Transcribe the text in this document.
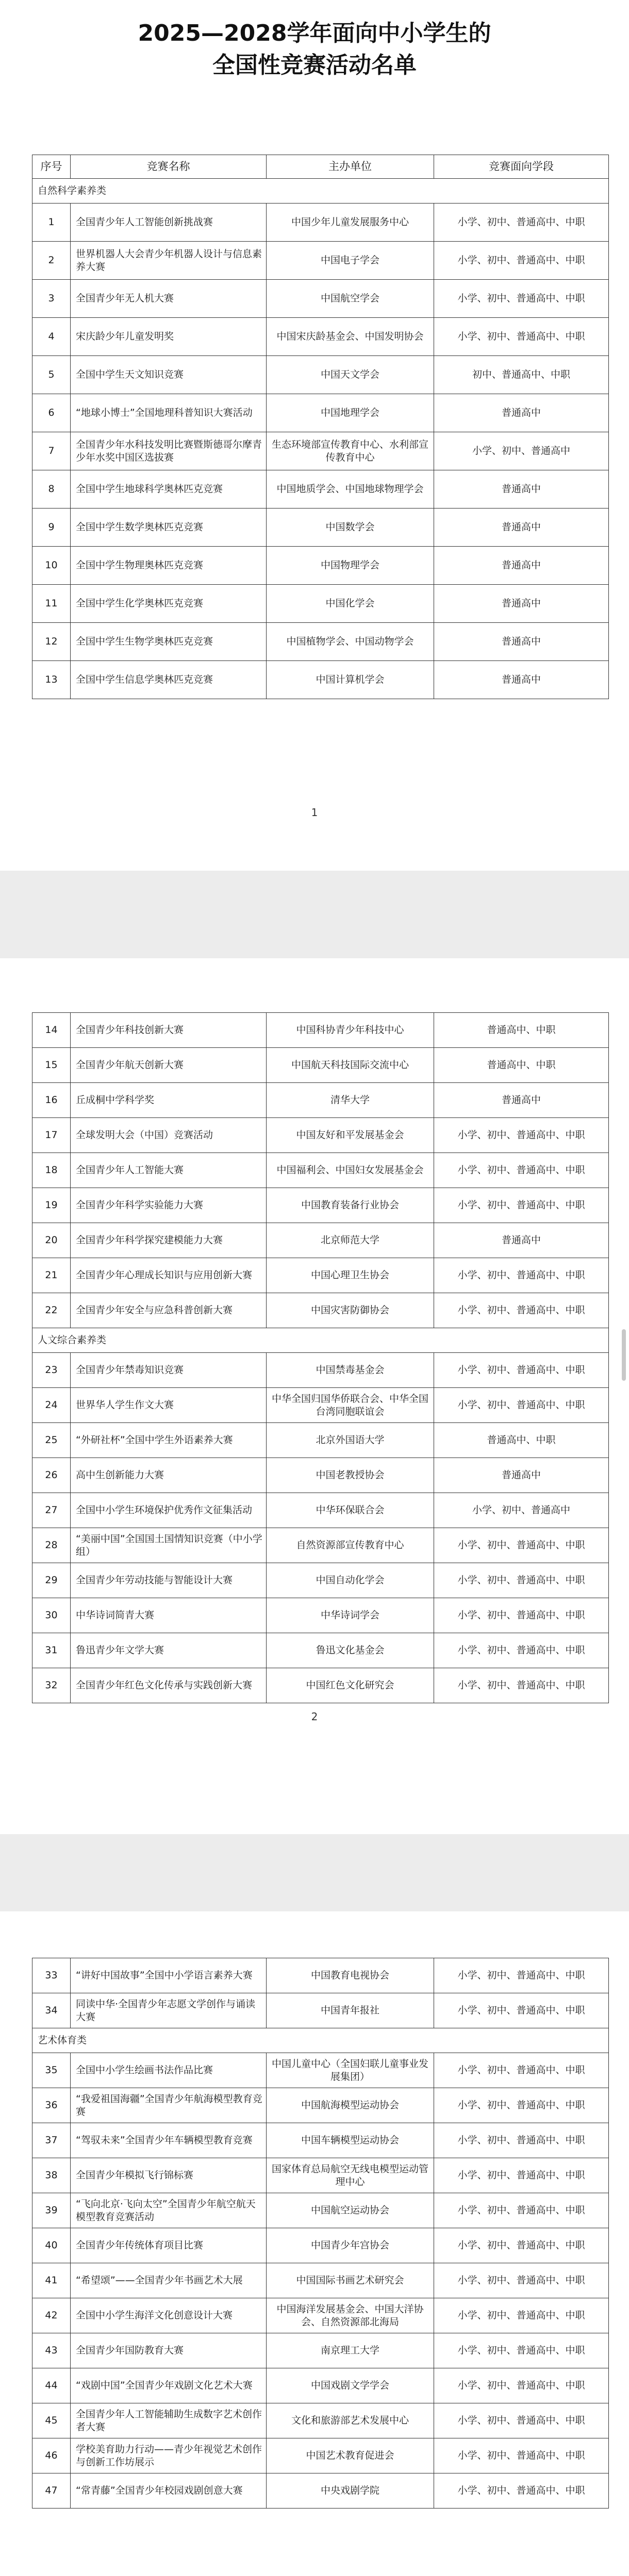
2025—2028学年面向中小学生的
全国性竞赛活动名单
序号	竞赛名称	主办单位	竞赛面向学段
自然科学素养类			
1	全国青少年人工智能创新挑战赛	中国少年儿童发展服务中心	小学、初中、普通高中、中职
2	世界机器人大会青少年机器人设计与信息素养大赛	中国电子学会	小学、初中、普通高中、中职
3	全国青少年无人机大赛	中国航空学会	小学、初中、普通高中、中职
4	宋庆龄少年儿童发明奖	中国宋庆龄基金会、中国发明协会	小学、初中、普通高中、中职
5	全国中学生天文知识竞赛	中国天文学会	初中、普通高中、中职
6	“地球小博士”全国地理科普知识大赛活动	中国地理学会	普通高中
7	全国青少年水科技发明比赛暨斯德哥尔摩青少年水奖中国区选拔赛	生态环境部宣传教育中心、水利部宣传教育中心	小学、初中、普通高中
8	全国中学生地球科学奥林匹克竞赛	中国地质学会、中国地球物理学会	普通高中
9	全国中学生数学奥林匹克竞赛	中国数学会	普通高中
10	全国中学生物理奥林匹克竞赛	中国物理学会	普通高中
11	全国中学生化学奥林匹克竞赛	中国化学会	普通高中
12	全国中学生生物学奥林匹克竞赛	中国植物学会、中国动物学会	普通高中
13	全国中学生信息学奥林匹克竞赛	中国计算机学会	普通高中
1
14	全国青少年科技创新大赛	中国科协青少年科技中心	普通高中、中职
15	全国青少年航天创新大赛	中国航天科技国际交流中心	普通高中、中职
16	丘成桐中学科学奖	清华大学	普通高中
17	全球发明大会（中国）竞赛活动	中国友好和平发展基金会	小学、初中、普通高中、中职
18	全国青少年人工智能大赛	中国福利会、中国妇女发展基金会	小学、初中、普通高中、中职
19	全国青少年科学实验能力大赛	中国教育装备行业协会	小学、初中、普通高中、中职
20	全国青少年科学探究建模能力大赛	北京师范大学	普通高中
21	全国青少年心理成长知识与应用创新大赛	中国心理卫生协会	小学、初中、普通高中、中职
22	全国青少年安全与应急科普创新大赛	中国灾害防御协会	小学、初中、普通高中、中职
人文综合素养类			
23	全国青少年禁毒知识竞赛	中国禁毒基金会	小学、初中、普通高中、中职
24	世界华人学生作文大赛	中华全国归国华侨联合会、中华全国台湾同胞联谊会	小学、初中、普通高中、中职
25	“外研社杯”全国中学生外语素养大赛	北京外国语大学	普通高中、中职
26	高中生创新能力大赛	中国老教授协会	普通高中
27	全国中小学生环境保护优秀作文征集活动	中华环保联合会	小学、初中、普通高中
28	“美丽中国”全国国土国情知识竞赛（中小学组）	自然资源部宣传教育中心	小学、初中、普通高中、中职
29	全国青少年劳动技能与智能设计大赛	中国自动化学会	小学、初中、普通高中、中职
30	中华诗词简青大赛	中华诗词学会	小学、初中、普通高中、中职
31	鲁迅青少年文学大赛	鲁迅文化基金会	小学、初中、普通高中、中职
32	全国青少年红色文化传承与实践创新大赛	中国红色文化研究会	小学、初中、普通高中、中职
2
33	“讲好中国故事”全国中小学语言素养大赛	中国教育电视协会	小学、初中、普通高中、中职
34	同读中华·全国青少年志愿文学创作与诵读大赛	中国青年报社	小学、初中、普通高中、中职
艺术体育类			
35	全国中小学生绘画书法作品比赛	中国儿童中心（全国妇联儿童事业发展集团）	小学、初中、普通高中、中职
36	“我爱祖国海疆”全国青少年航海模型教育竞赛	中国航海模型运动协会	小学、初中、普通高中、中职
37	“驾驭未来”全国青少年车辆模型教育竞赛	中国车辆模型运动协会	小学、初中、普通高中、中职
38	全国青少年模拟飞行锦标赛	国家体育总局航空无线电模型运动管理中心	小学、初中、普通高中、中职
39	“飞向北京·飞向太空”全国青少年航空航天模型教育竞赛活动	中国航空运动协会	小学、初中、普通高中、中职
40	全国青少年传统体育项目比赛	中国青少年宫协会	小学、初中、普通高中、中职
41	“希望颂”——全国青少年书画艺术大展	中国国际书画艺术研究会	小学、初中、普通高中、中职
42	全国中小学生海洋文化创意设计大赛	中国海洋发展基金会、中国大洋协会、自然资源部北海局	小学、初中、普通高中、中职
43	全国青少年国防教育大赛	南京理工大学	小学、初中、普通高中、中职
44	“戏剧中国”全国青少年戏剧文化艺术大赛	中国戏剧文学学会	小学、初中、普通高中、中职
45	全国青少年人工智能辅助生成数字艺术创作者大赛	文化和旅游部艺术发展中心	小学、初中、普通高中、中职
46	学校美育助力行动——青少年视觉艺术创作与创新工作坊展示	中国艺术教育促进会	小学、初中、普通高中、中职
47	“常青藤”全国青少年校园戏剧创意大赛	中央戏剧学院	小学、初中、普通高中、中职
